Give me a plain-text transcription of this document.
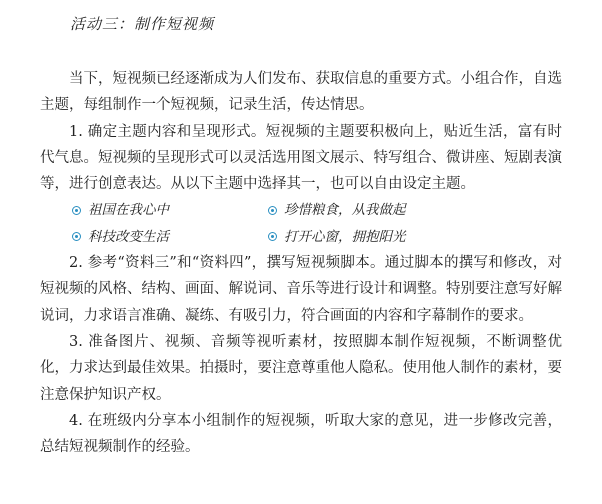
活动三：制作短视频

当下，短视频已经逐渐成为人们发布、获取信息的重要方式。小组合作，自选主题，每组制作一个短视频，记录生活，传达情思。

1. 确定主题内容和呈现形式。短视频的主题要积极向上，贴近生活，富有时代气息。短视频的呈现形式可以灵活选用图文展示、特写组合、微讲座、短剧表演等，进行创意表达。从以下主题中选择其一，也可以自由设定主题。

祖国在我心中	珍惜粮食，从我做起
科技改变生活	打开心窗，拥抱阳光

2. 参考“资料三”和“资料四”，撰写短视频脚本。通过脚本的撰写和修改，对短视频的风格、结构、画面、解说词、音乐等进行设计和调整。特别要注意写好解说词，力求语言准确、凝练、有吸引力，符合画面的内容和字幕制作的要求。

3. 准备图片、视频、音频等视听素材，按照脚本制作短视频，不断调整优化，力求达到最佳效果。拍摄时，要注意尊重他人隐私。使用他人制作的素材，要注意保护知识产权。

4. 在班级内分享本小组制作的短视频，听取大家的意见，进一步修改完善，总结短视频制作的经验。
